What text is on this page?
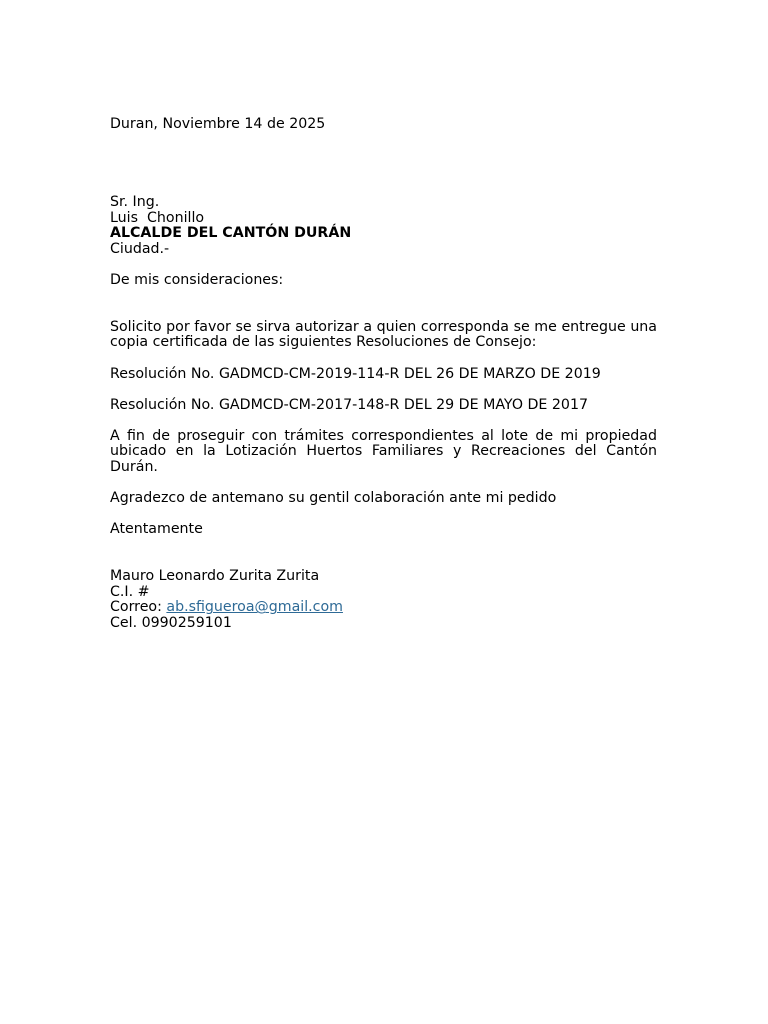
Duran, Noviembre 14 de 2025
Sr. Ing.
Luis  Chonillo
ALCALDE DEL CANTÓN DURÁN
Ciudad.-
De mis consideraciones:
Solicito por favor se sirva autorizar a quien corresponda se me entregue una copia certificada de las siguientes Resoluciones de Consejo:
Resolución No. GADMCD-CM-2019-114-R DEL 26 DE MARZO DE 2019
Resolución No. GADMCD-CM-2017-148-R DEL 29 DE MAYO DE 2017
A fin de proseguir con trámites correspondientes al lote de mi propiedad ubicado en la Lotización Huertos Familiares y Recreaciones del Cantón Durán.
Agradezco de antemano su gentil colaboración ante mi pedido
Atentamente
Mauro Leonardo Zurita Zurita
C.I. #
Correo: ab.sfigueroa@gmail.com
Cel. 0990259101
